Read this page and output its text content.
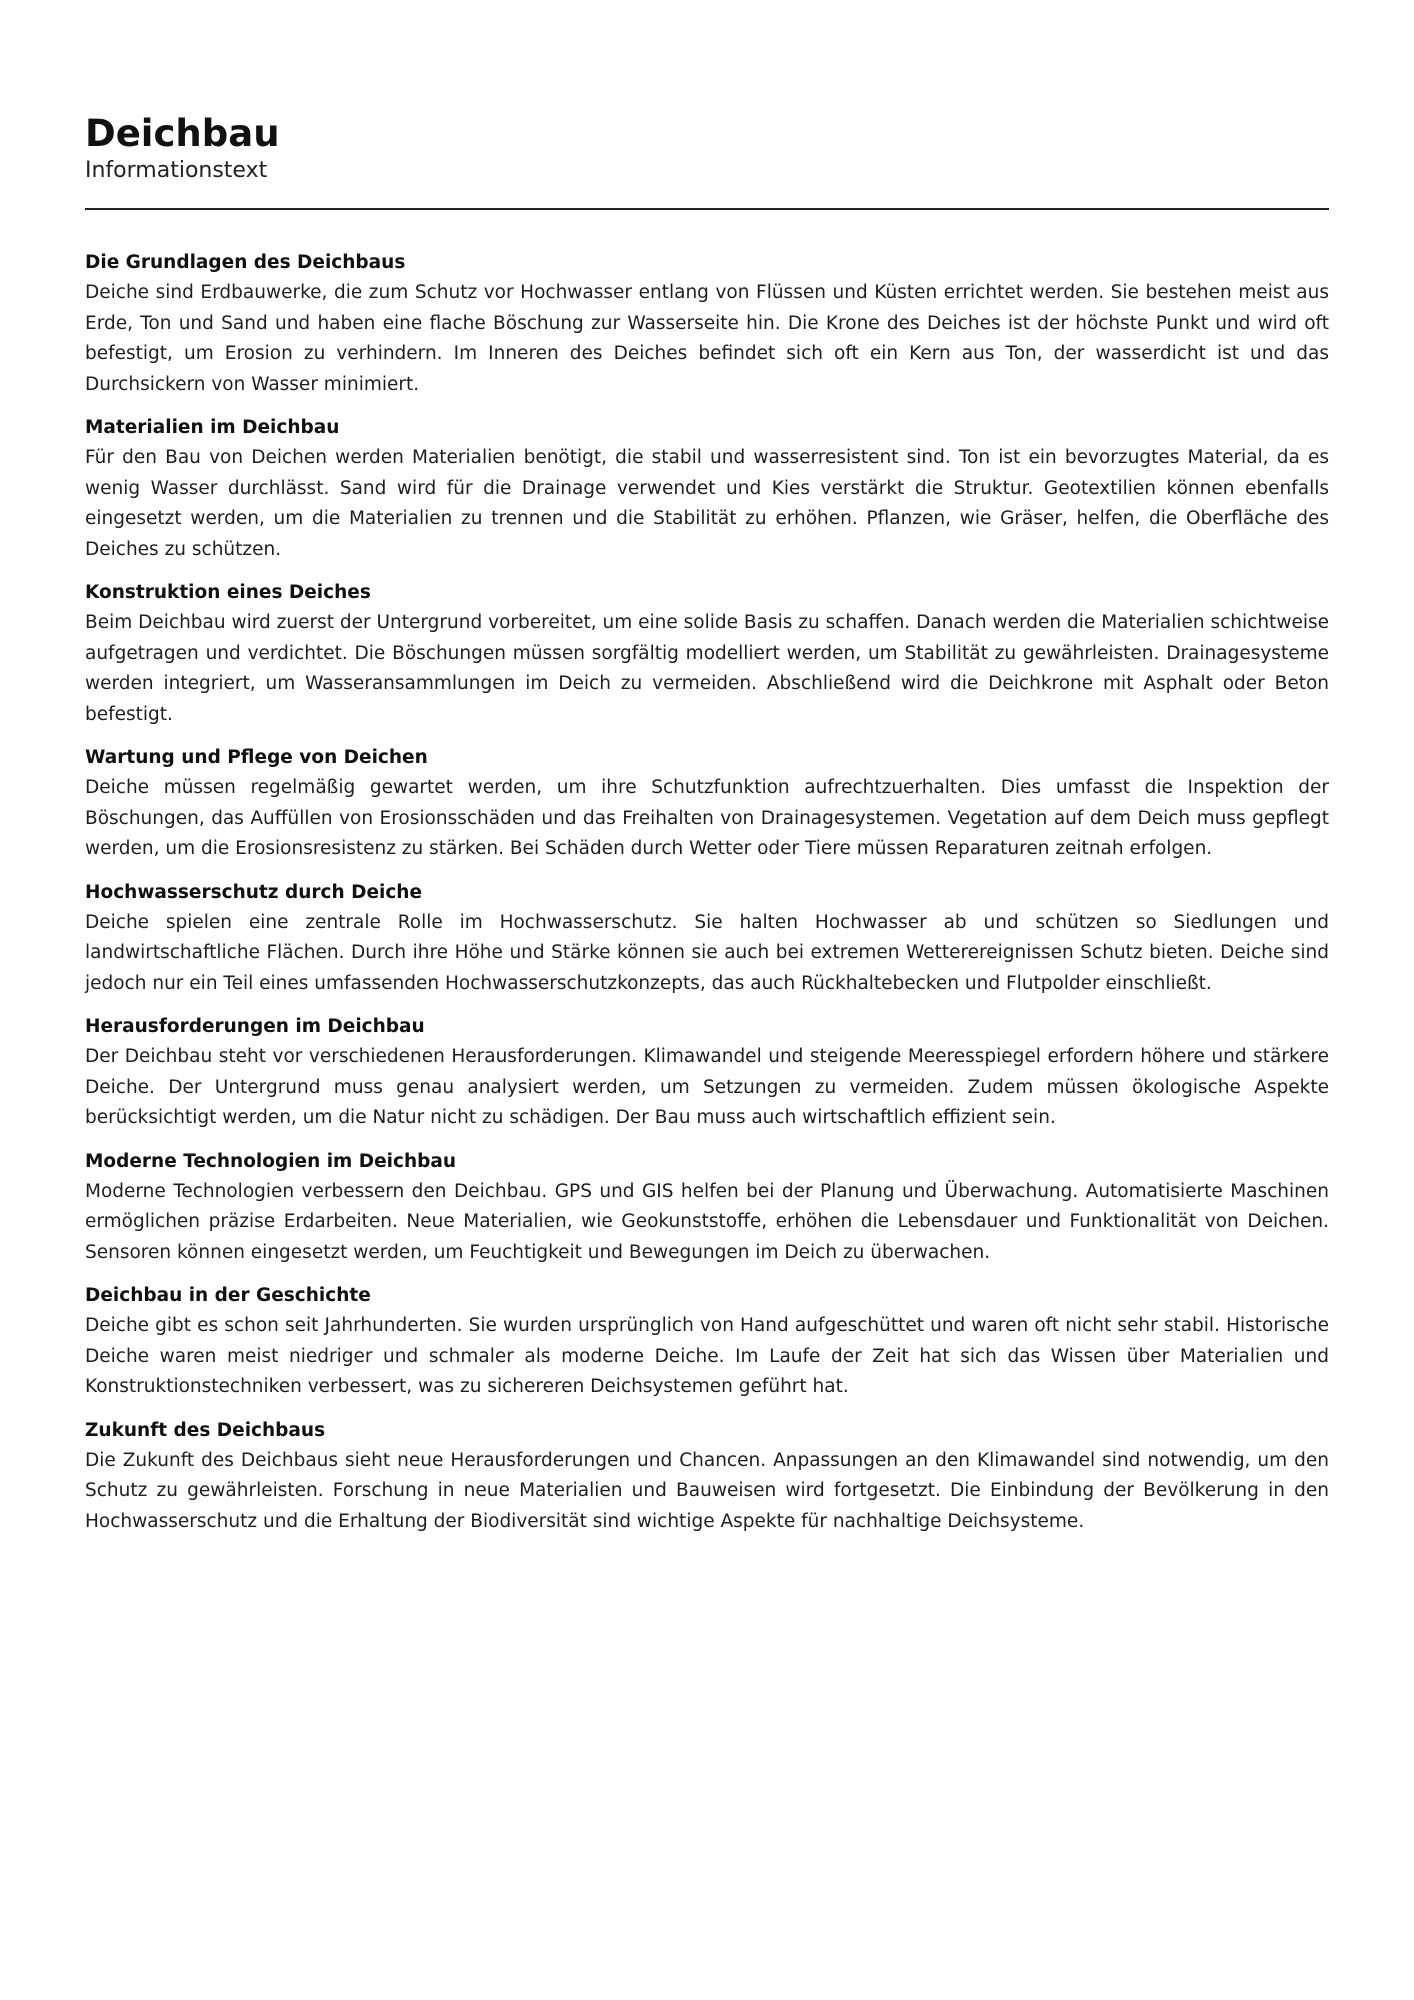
Deichbau
Informationstext
Die Grundlagen des Deichbaus

Deiche sind Erdbauwerke, die zum Schutz vor Hochwasser entlang von Flüssen und Küsten errichtet werden. Sie bestehen meist aus Erde, Ton und Sand und haben eine flache Böschung zur Wasserseite hin. Die Krone des Deiches ist der höchste Punkt und wird oft befestigt, um Erosion zu verhindern. Im Inneren des Deiches befindet sich oft ein Kern aus Ton, der wasserdicht ist und das Durchsickern von Wasser minimiert.

Materialien im Deichbau

Für den Bau von Deichen werden Materialien benötigt, die stabil und wasserresistent sind. Ton ist ein bevorzugtes Material, da es wenig Wasser durchlässt. Sand wird für die Drainage verwendet und Kies verstärkt die Struktur. Geotextilien können ebenfalls eingesetzt werden, um die Materialien zu trennen und die Stabilität zu erhöhen. Pflanzen, wie Gräser, helfen, die Oberfläche des Deiches zu schützen.

Konstruktion eines Deiches

Beim Deichbau wird zuerst der Untergrund vorbereitet, um eine solide Basis zu schaffen. Danach werden die Materialien schichtweise aufgetragen und verdichtet. Die Böschungen müssen sorgfältig modelliert werden, um Stabilität zu gewährleisten. Drainagesysteme werden integriert, um Wasseransammlungen im Deich zu vermeiden. Abschließend wird die Deichkrone mit Asphalt oder Beton befestigt.

Wartung und Pflege von Deichen

Deiche müssen regelmäßig gewartet werden, um ihre Schutzfunktion aufrechtzuerhalten. Dies umfasst die Inspektion der Böschungen, das Auffüllen von Erosionsschäden und das Freihalten von Drainagesystemen. Vegetation auf dem Deich muss gepflegt werden, um die Erosionsresistenz zu stärken. Bei Schäden durch Wetter oder Tiere müssen Reparaturen zeitnah erfolgen.

Hochwasserschutz durch Deiche

Deiche spielen eine zentrale Rolle im Hochwasserschutz. Sie halten Hochwasser ab und schützen so Siedlungen und landwirtschaftliche Flächen. Durch ihre Höhe und Stärke können sie auch bei extremen Wetterereignissen Schutz bieten. Deiche sind jedoch nur ein Teil eines umfassenden Hochwasserschutzkonzepts, das auch Rückhaltebecken und Flutpolder einschließt.

Herausforderungen im Deichbau

Der Deichbau steht vor verschiedenen Herausforderungen. Klimawandel und steigende Meeresspiegel erfordern höhere und stärkere Deiche. Der Untergrund muss genau analysiert werden, um Setzungen zu vermeiden. Zudem müssen ökologische Aspekte berücksichtigt werden, um die Natur nicht zu schädigen. Der Bau muss auch wirtschaftlich effizient sein.

Moderne Technologien im Deichbau

Moderne Technologien verbessern den Deichbau. GPS und GIS helfen bei der Planung und Überwachung. Automatisierte Maschinen ermöglichen präzise Erdarbeiten. Neue Materialien, wie Geokunststoffe, erhöhen die Lebensdauer und Funktionalität von Deichen. Sensoren können eingesetzt werden, um Feuchtigkeit und Bewegungen im Deich zu überwachen.

Deichbau in der Geschichte

Deiche gibt es schon seit Jahrhunderten. Sie wurden ursprünglich von Hand aufgeschüttet und waren oft nicht sehr stabil. Historische Deiche waren meist niedriger und schmaler als moderne Deiche. Im Laufe der Zeit hat sich das Wissen über Materialien und Konstruktionstechniken verbessert, was zu sichereren Deichsystemen geführt hat.

Zukunft des Deichbaus

Die Zukunft des Deichbaus sieht neue Herausforderungen und Chancen. Anpassungen an den Klimawandel sind notwendig, um den Schutz zu gewährleisten. Forschung in neue Materialien und Bauweisen wird fortgesetzt. Die Einbindung der Bevölkerung in den Hochwasserschutz und die Erhaltung der Biodiversität sind wichtige Aspekte für nachhaltige Deichsysteme.
